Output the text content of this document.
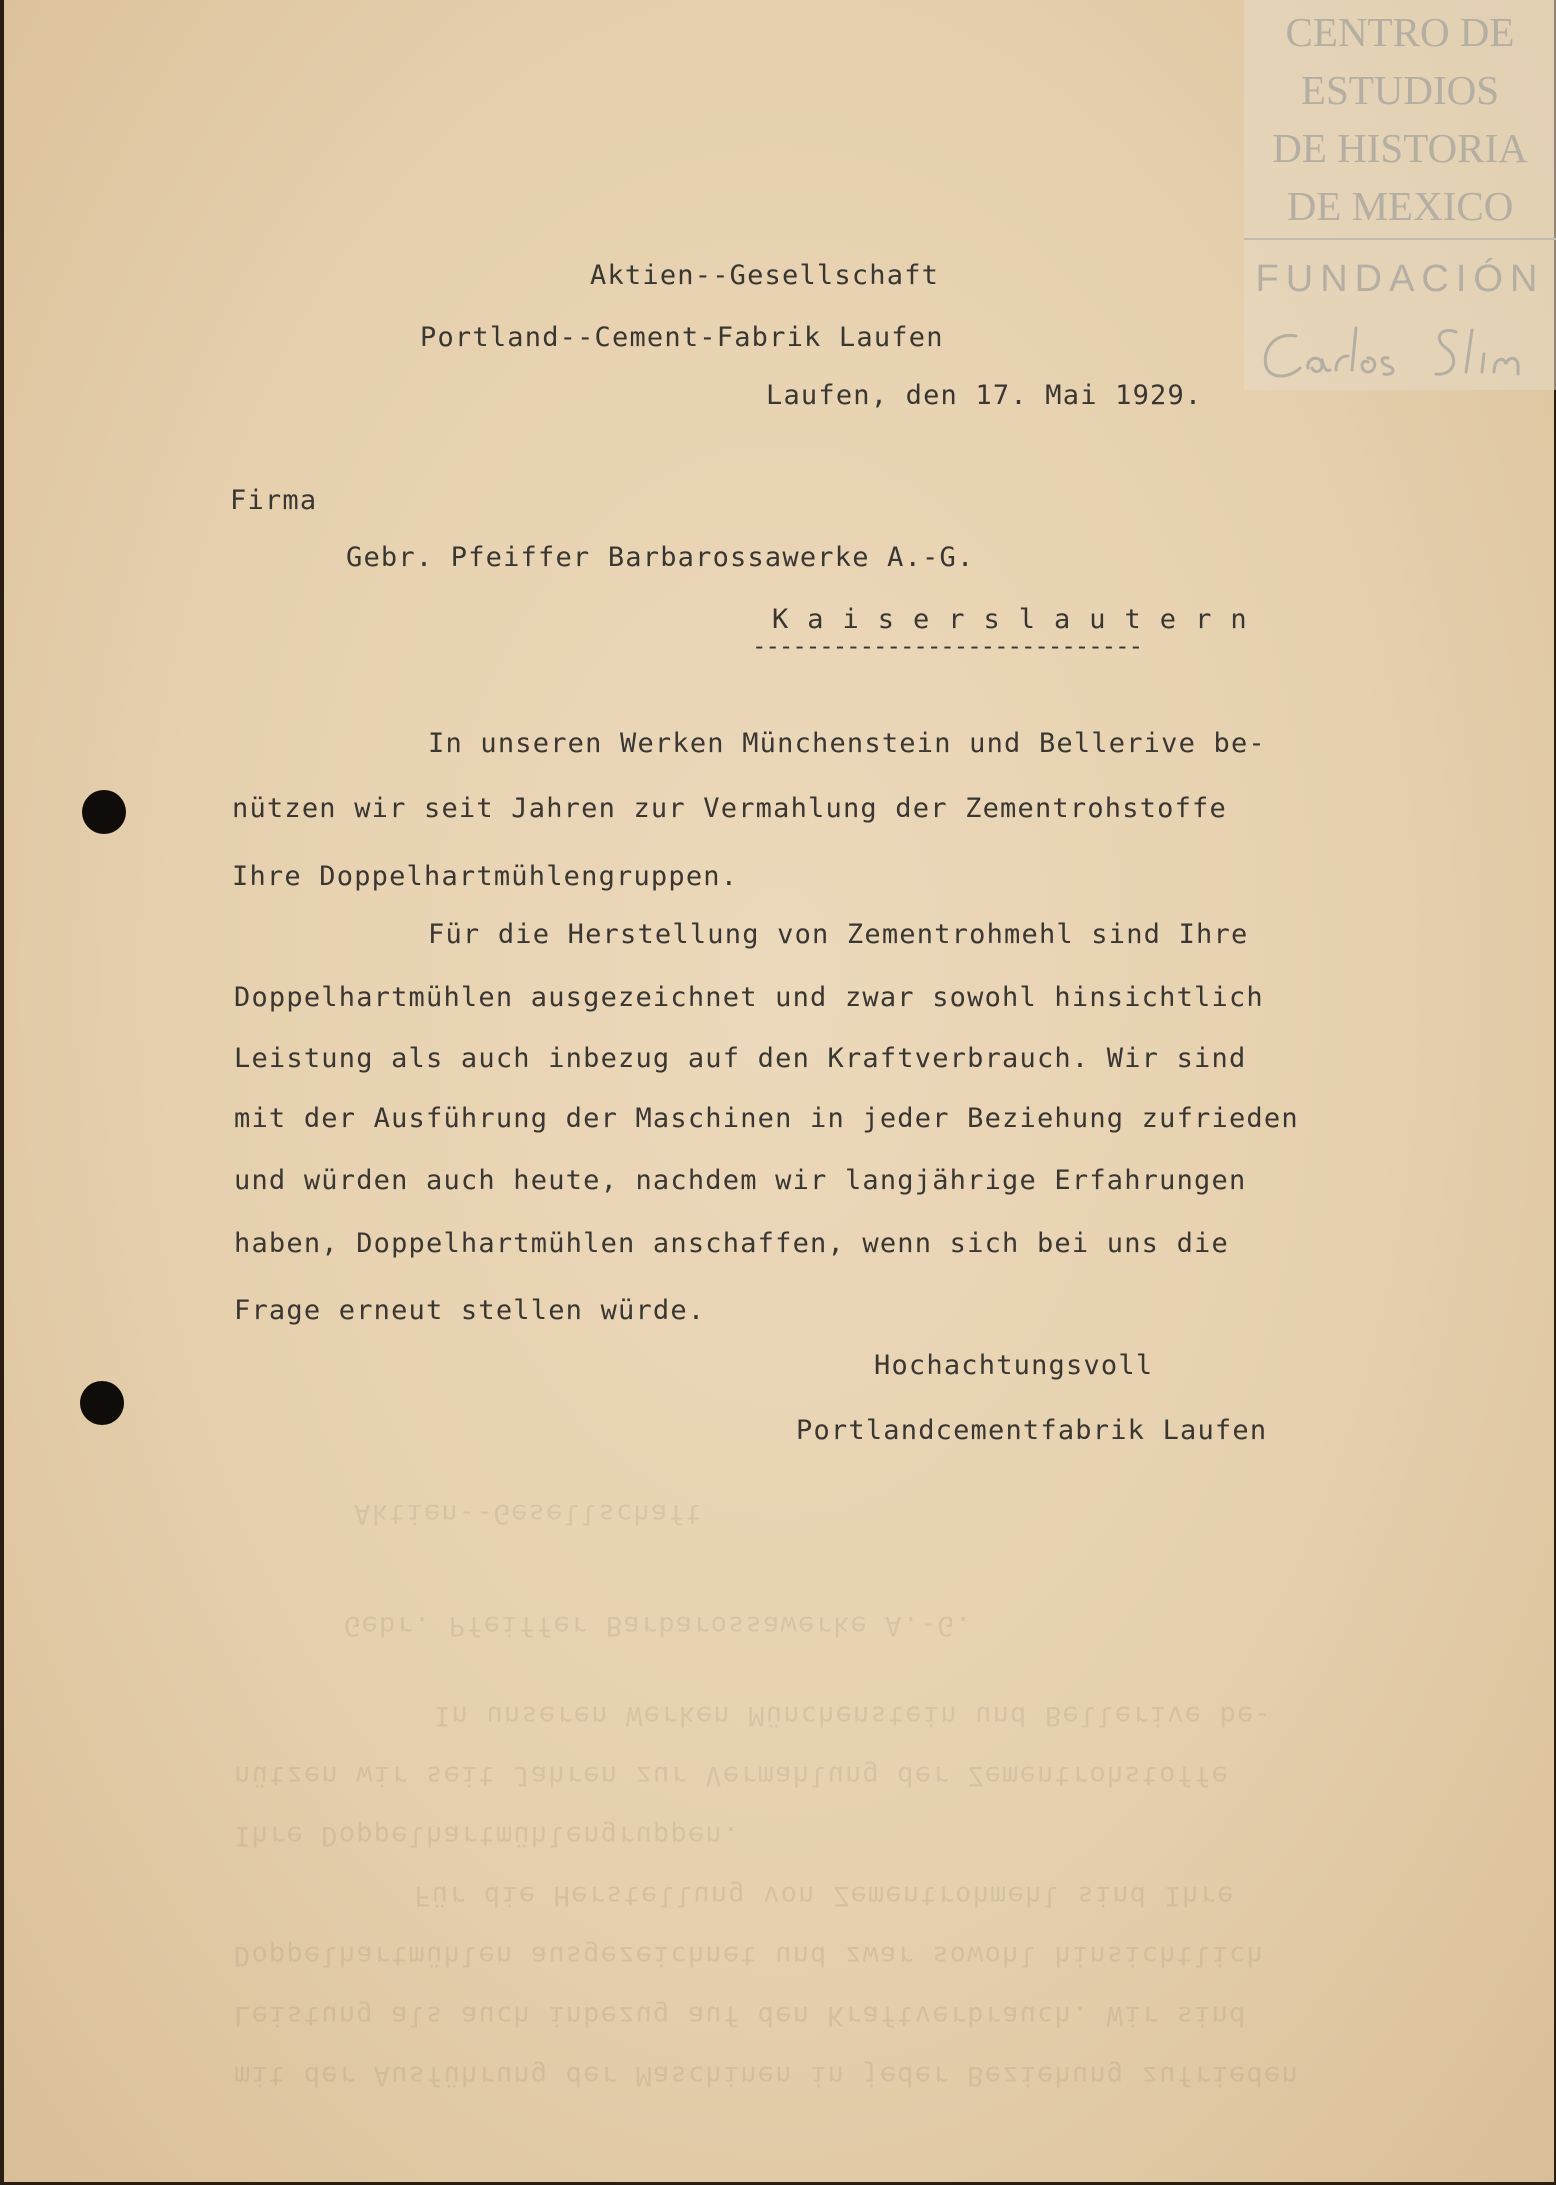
Aktien--Gesellschaft
Gebr. Pfeiffer Barbarossawerke A.-G.
In unseren Werken Münchenstein und Bellerive be-
nützen wir seit Jahren zur Vermahlung der Zementrohstoffe
Ihre Doppelhartmühlengruppen.
Für die Herstellung von Zementrohmehl sind Ihre
Doppelhartmühlen ausgezeichnet und zwar sowohl hinsichtlich
Leistung als auch inbezug auf den Kraftverbrauch. Wir sind
mit der Ausführung der Maschinen in jeder Beziehung zufrieden
Aktien--Gesellschaft
Portland--Cement-Fabrik Laufen
Laufen, den 17. Mai 1929.
Firma
Gebr. Pfeiffer Barbarossawerke A.-G.
Kaiserslautern
-----------------------------
In unseren Werken Münchenstein und Bellerive be-
nützen wir seit Jahren zur Vermahlung der Zementrohstoffe
Ihre Doppelhartmühlengruppen.
Für die Herstellung von Zementrohmehl sind Ihre
Doppelhartmühlen ausgezeichnet und zwar sowohl hinsichtlich
Leistung als auch inbezug auf den Kraftverbrauch. Wir sind
mit der Ausführung der Maschinen in jeder Beziehung zufrieden
und würden auch heute, nachdem wir langjährige Erfahrungen
haben, Doppelhartmühlen anschaffen, wenn sich bei uns die
Frage erneut stellen würde.
Hochachtungsvoll
Portlandcementfabrik Laufen
CENTRO DE
ESTUDIOS
DE HISTORIA
DE MEXICO
FUNDACIÓN
